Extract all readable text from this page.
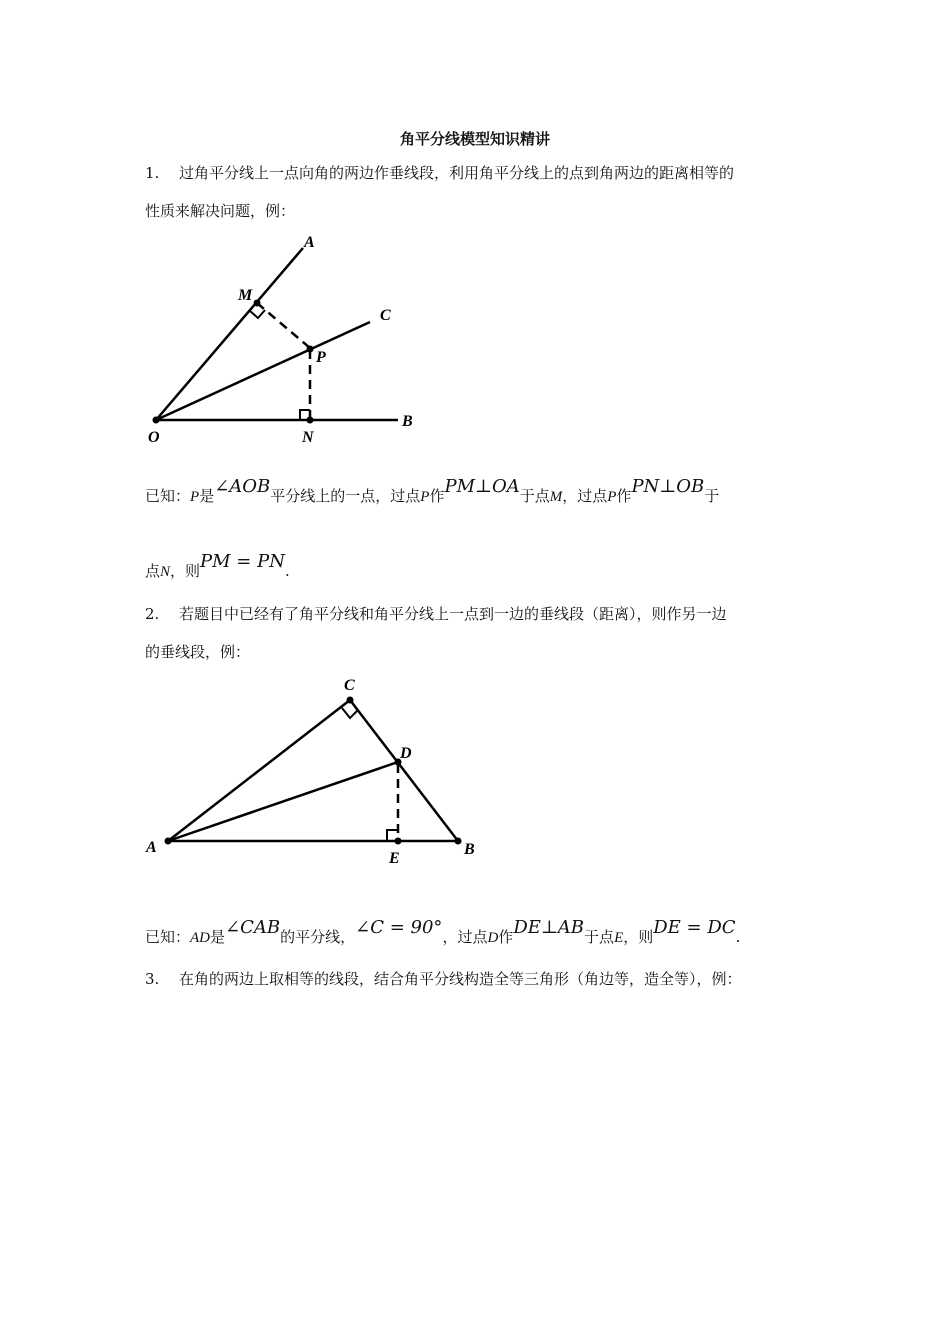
角平分线模型知识精讲
1. 过角平分线上一点向角的两边作垂线段，利用角平分线上的点到角两边的距离相等的
性质来解决问题，例：
A
C
M
P
O	N
B
已知：P是∠AOB平分线上的一点，过点P作PM⊥OA于点M，过点P作PN⊥OB于
点N，则PM = PN.
2. 若题目中已经有了角平分线和角平分线上一点到一边的垂线段（距离），则作另一边
的垂线段，例：
C
D
A
E
B
已知：AD是∠CAB的平分线，∠C = 90°，过点D作DE⊥AB于点E，则DE = DC.
3. 在角的两边上取相等的线段，结合角平分线构造全等三角形（角边等，造全等），例：
